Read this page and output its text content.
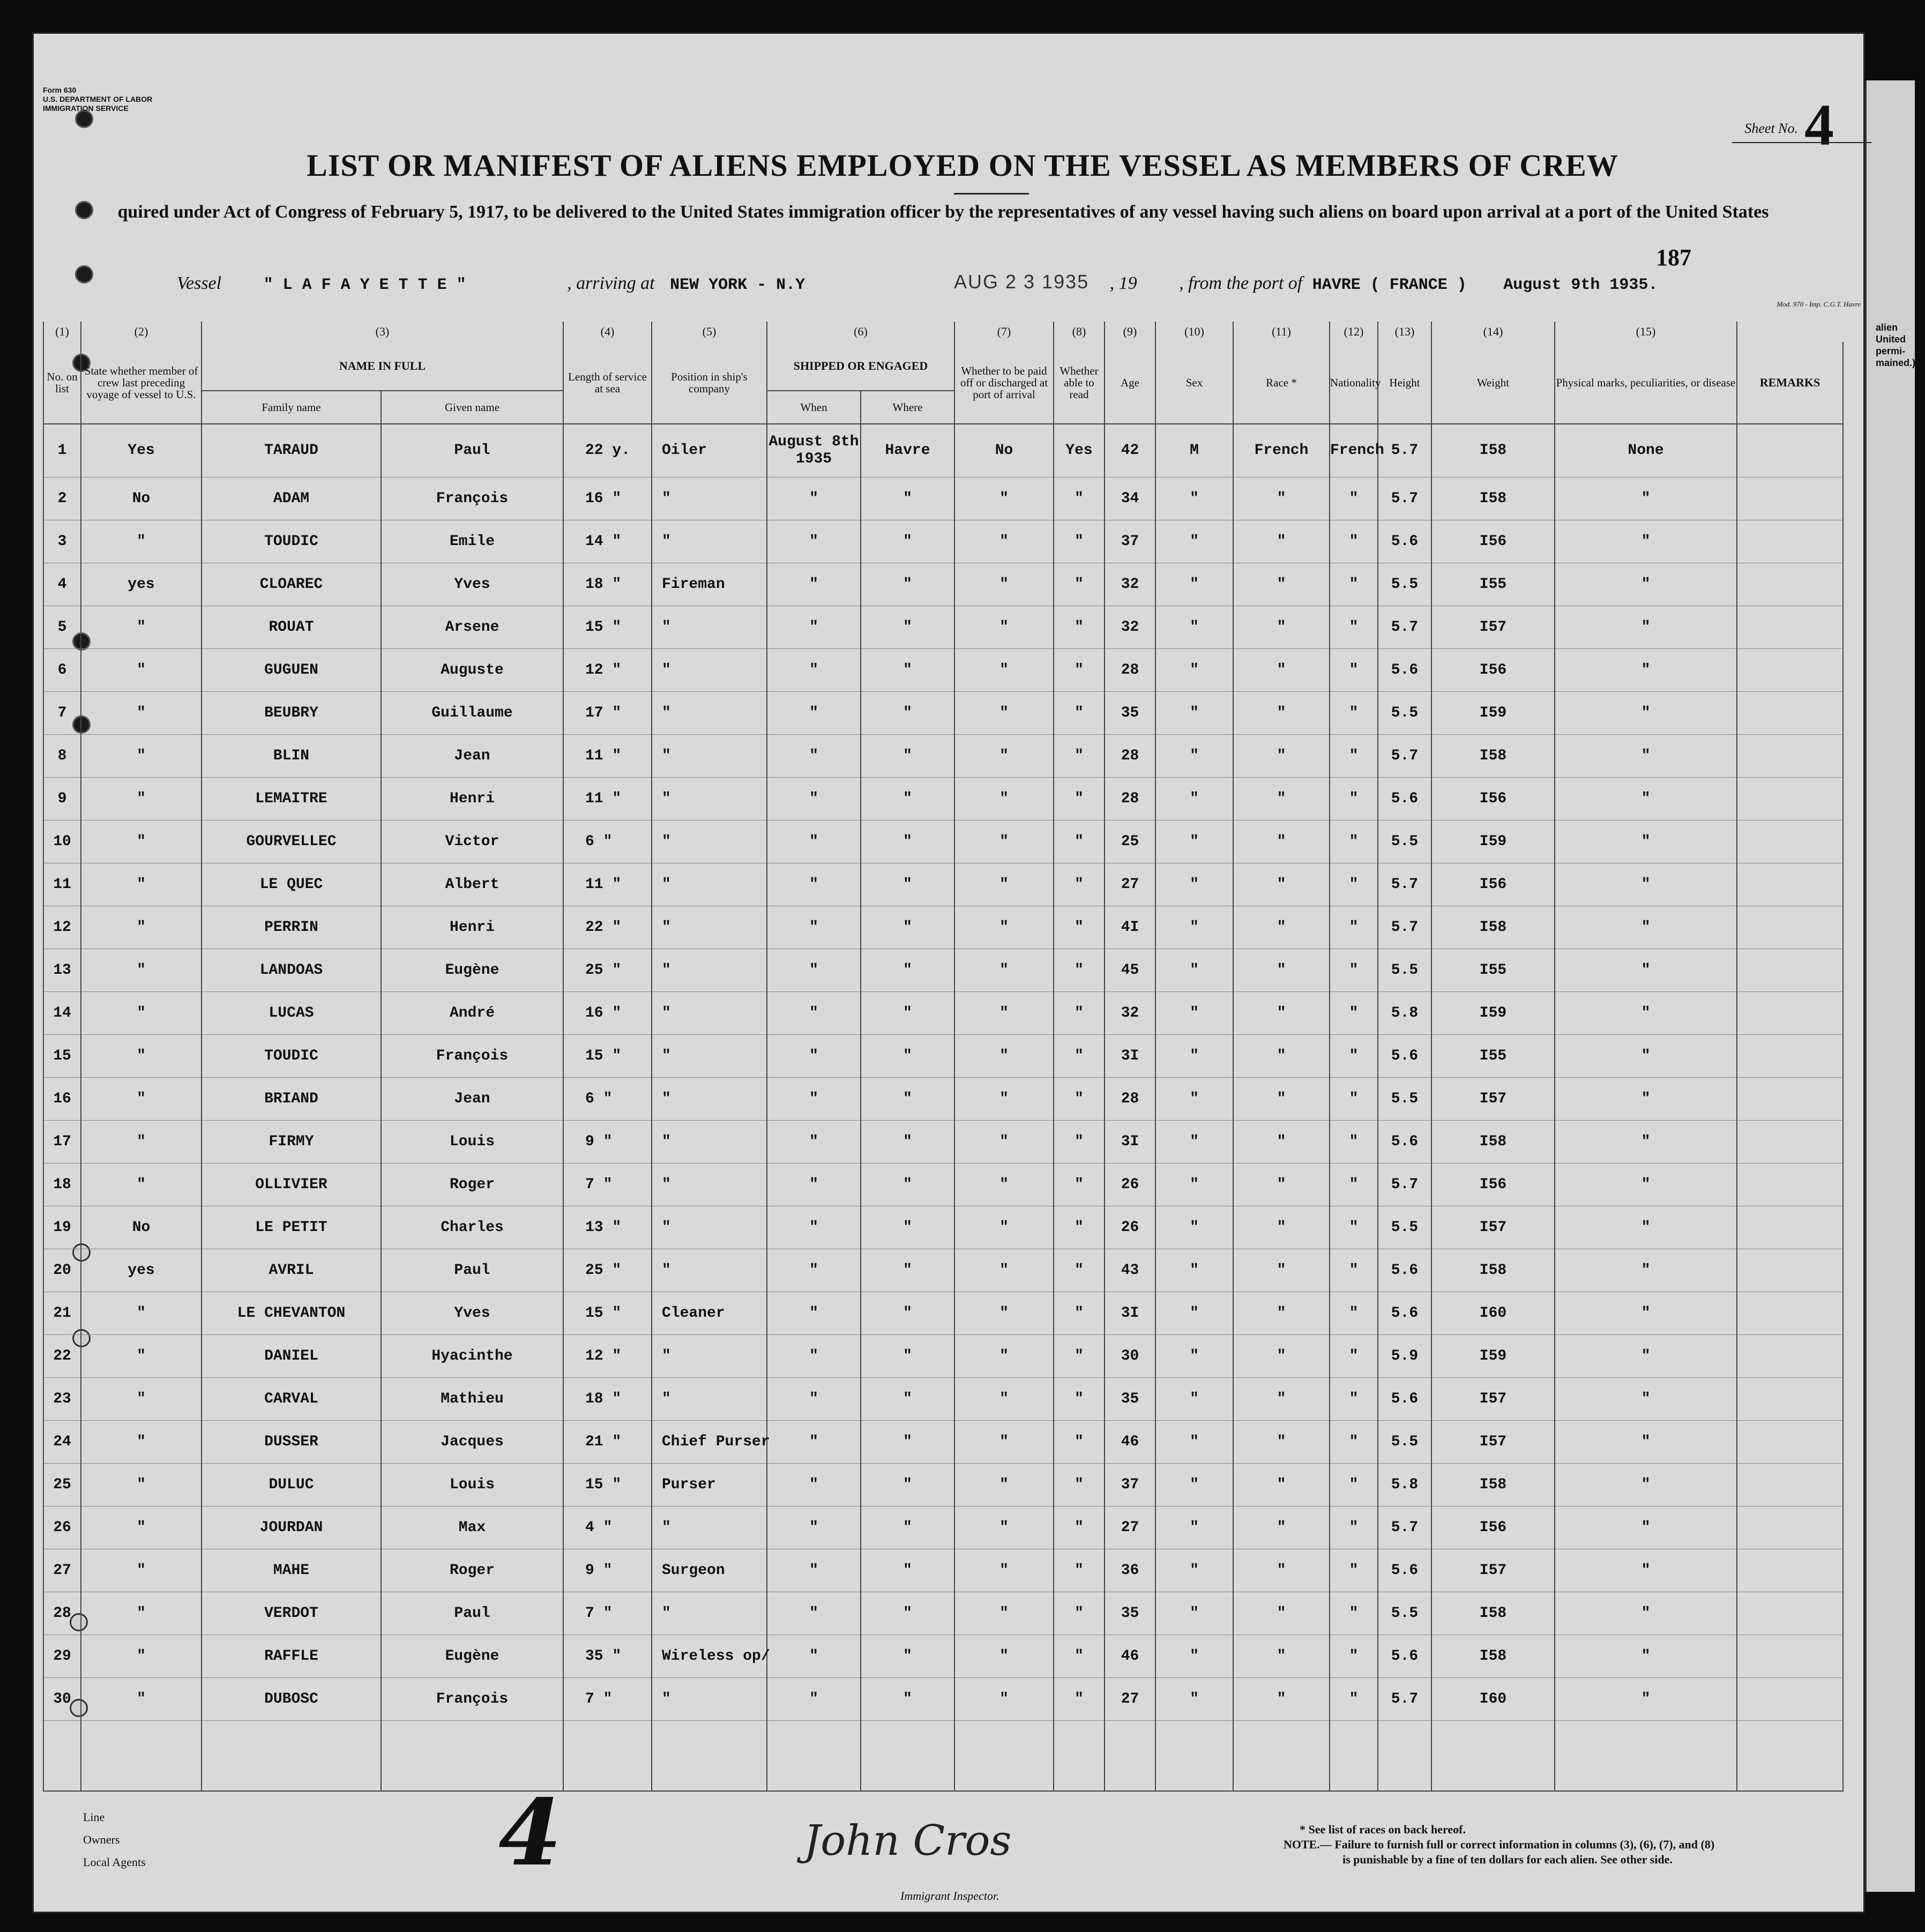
alien United permi- mained.)
Form 630
U.S. DEPARTMENT OF LABOR
IMMIGRATION SERVICE
Sheet No. 4
LIST OR MANIFEST OF ALIENS EMPLOYED ON THE VESSEL AS MEMBERS OF CREW
quired under Act of Congress of February 5, 1917, to be delivered to the United States immigration officer by the representatives of any vessel having such aliens on board upon arrival at a port of the United States
187
Vessel	" L A F A Y E T T E "	, arriving at NEW YORK - N.Y	, 19 , from the port of HAVRE ( FRANCE ) August 9th 1935.
AUG 2 3 1935
Mod. 970 - Imp. C.G.T. Havre
(1)	(2)	(3)		(4)	(5)	(6)		(7)	(8)	(9)	(10)	(11)	(12)	(13)	(14)	(15)	
No. on list	State whether member of crew last preceding voyage of vessel to U.S.	NAME IN FULL		Length of service at sea	Position in ship's company	SHIPPED OR ENGAGED		Whether to be paid off or discharged at port of arrival	Whether able to read	Age	Sex	Race *	Nationality	Height	Weight	Physical marks, peculiarities, or disease	REMARKS
		Family name	Given name			When	Where										
1	Yes	TARAUD	Paul	22 y.	Oiler	August 8th 1935	Havre	No	Yes	42	M	French	French	5.7	I58	None	
2	No	ADAM	François	16 "	"	"	"	"	"	34	"	"	"	5.7	I58	"	
3	"	TOUDIC	Emile	14 "	"	"	"	"	"	37	"	"	"	5.6	I56	"	
4	yes	CLOAREC	Yves	18 "	Fireman	"	"	"	"	32	"	"	"	5.5	I55	"	
5	"	ROUAT	Arsene	15 "	"	"	"	"	"	32	"	"	"	5.7	I57	"	
6	"	GUGUEN	Auguste	12 "	"	"	"	"	"	28	"	"	"	5.6	I56	"	
7	"	BEUBRY	Guillaume	17 "	"	"	"	"	"	35	"	"	"	5.5	I59	"	
8	"	BLIN	Jean	11 "	"	"	"	"	"	28	"	"	"	5.7	I58	"	
9	"	LEMAITRE	Henri	11 "	"	"	"	"	"	28	"	"	"	5.6	I56	"	
10	"	GOURVELLEC	Victor	6 "	"	"	"	"	"	25	"	"	"	5.5	I59	"	
11	"	LE QUEC	Albert	11 "	"	"	"	"	"	27	"	"	"	5.7	I56	"	
12	"	PERRIN	Henri	22 "	"	"	"	"	"	4I	"	"	"	5.7	I58	"	
13	"	LANDOAS	Eugène	25 "	"	"	"	"	"	45	"	"	"	5.5	I55	"	
14	"	LUCAS	André	16 "	"	"	"	"	"	32	"	"	"	5.8	I59	"	
15	"	TOUDIC	François	15 "	"	"	"	"	"	3I	"	"	"	5.6	I55	"	
16	"	BRIAND	Jean	6 "	"	"	"	"	"	28	"	"	"	5.5	I57	"	
17	"	FIRMY	Louis	9 "	"	"	"	"	"	3I	"	"	"	5.6	I58	"	
18	"	OLLIVIER	Roger	7 "	"	"	"	"	"	26	"	"	"	5.7	I56	"	
19	No	LE PETIT	Charles	13 "	"	"	"	"	"	26	"	"	"	5.5	I57	"	
20	yes	AVRIL	Paul	25 "	"	"	"	"	"	43	"	"	"	5.6	I58	"	
21	"	LE CHEVANTON	Yves	15 "	Cleaner	"	"	"	"	3I	"	"	"	5.6	I60	"	
22	"	DANIEL	Hyacinthe	12 "	"	"	"	"	"	30	"	"	"	5.9	I59	"	
23	"	CARVAL	Mathieu	18 "	"	"	"	"	"	35	"	"	"	5.6	I57	"	
24	"	DUSSER	Jacques	21 "	Chief Purser	"	"	"	"	46	"	"	"	5.5	I57	"	
25	"	DULUC	Louis	15 "	Purser	"	"	"	"	37	"	"	"	5.8	I58	"	
26	"	JOURDAN	Max	4 "	"	"	"	"	"	27	"	"	"	5.7	I56	"	
27	"	MAHE	Roger	9 "	Surgeon	"	"	"	"	36	"	"	"	5.6	I57	"	
28	"	VERDOT	Paul	7 "	"	"	"	"	"	35	"	"	"	5.5	I58	"	
29	"	RAFFLE	Eugène	35 "	Wireless op/	"	"	"	"	46	"	"	"	5.6	I58	"	
30	"	DUBOSC	François	7 "	"	"	"	"	"	27	"	"	"	5.7	I60	"	

Line
Owners
Local Agents	4	John Cros
Immigrant Inspector.
* See list of races on back hereof.
NOTE.— Failure to furnish full or correct information in columns (3), (6), (7), and (8)
is punishable by a fine of ten dollars for each alien. See other side.
